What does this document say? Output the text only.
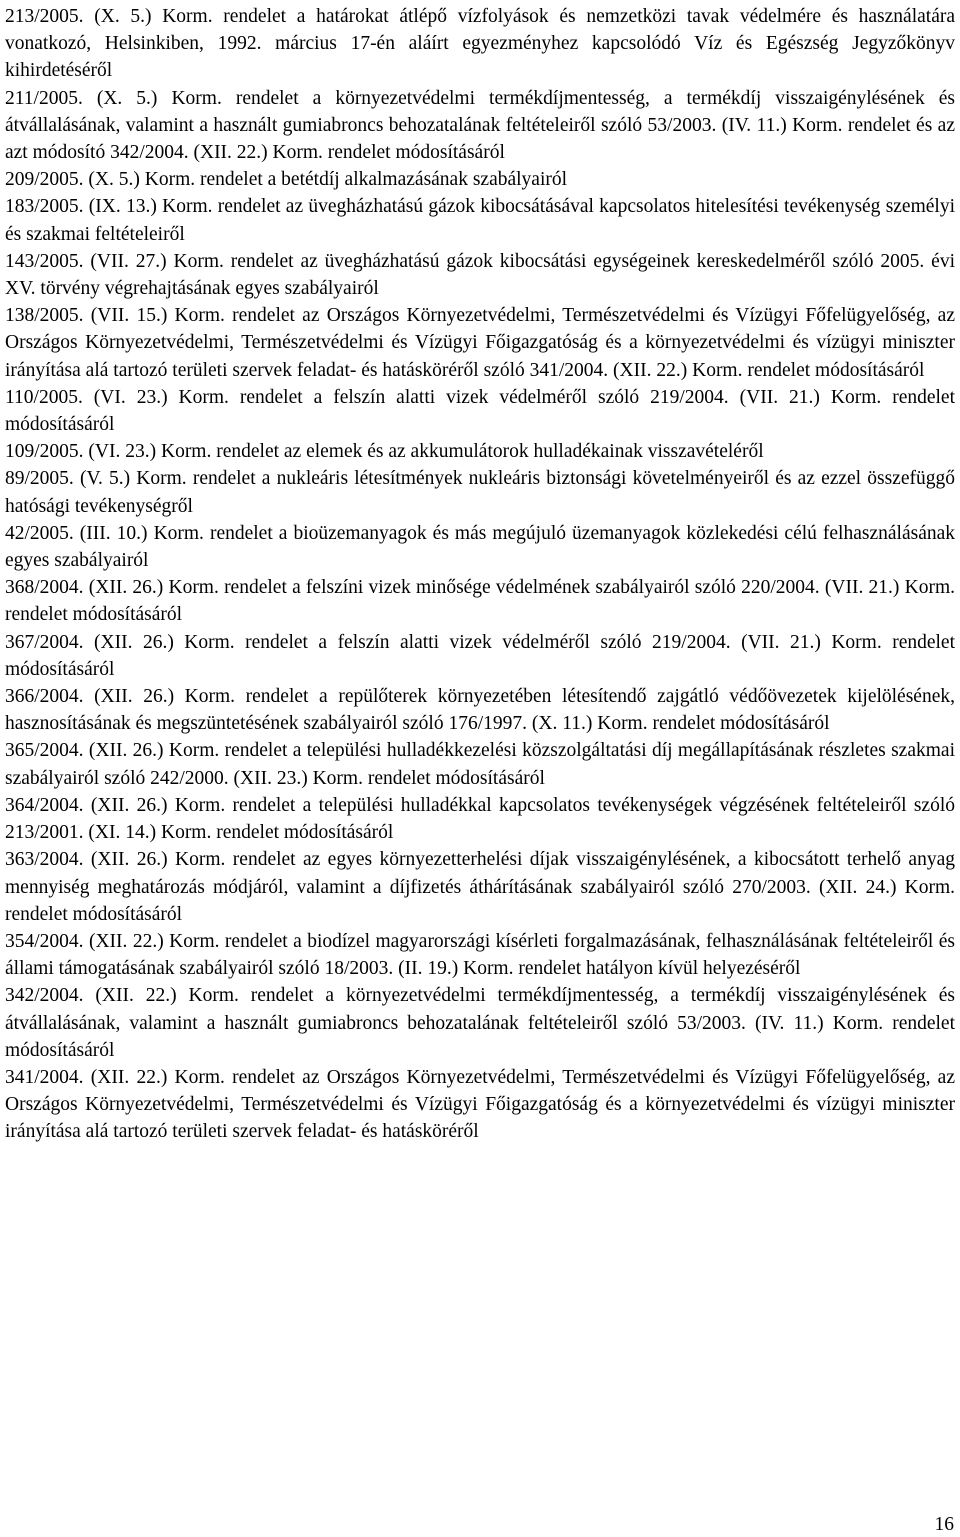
213/2005. (X. 5.) Korm. rendelet a határokat átlépő vízfolyások és nemzetközi tavak védelmére és használatára vonatkozó, Helsinkiben, 1992. március 17-én aláírt egyezményhez kapcsolódó Víz és Egészség Jegyzőkönyv kihirdetéséről

211/2005. (X. 5.) Korm. rendelet a környezetvédelmi termékdíjmentesség, a termékdíj visszaigénylésének és átvállalásának, valamint a használt gumiabroncs behozatalának feltételeiről szóló 53/2003. (IV. 11.) Korm. rendelet és az azt módosító 342/2004. (XII. 22.) Korm. rendelet módosításáról

209/2005. (X. 5.) Korm. rendelet a betétdíj alkalmazásának szabályairól

183/2005. (IX. 13.) Korm. rendelet az üvegházhatású gázok kibocsátásával kapcsolatos hitelesítési tevékenység személyi és szakmai feltételeiről

143/2005. (VII. 27.) Korm. rendelet az üvegházhatású gázok kibocsátási egységeinek kereskedelméről szóló 2005. évi XV. törvény végrehajtásának egyes szabályairól

138/2005. (VII. 15.) Korm. rendelet az Országos Környezetvédelmi, Természetvédelmi és Vízügyi Főfelügyelőség, az Országos Környezetvédelmi, Természetvédelmi és Vízügyi Főigazgatóság és a környezetvédelmi és vízügyi miniszter irányítása alá tartozó területi szervek feladat- és hatásköréről szóló 341/2004. (XII. 22.) Korm. rendelet módosításáról

110/2005. (VI. 23.) Korm. rendelet a felszín alatti vizek védelméről szóló 219/2004. (VII. 21.) Korm. rendelet módosításáról

109/2005. (VI. 23.) Korm. rendelet az elemek és az akkumulátorok hulladékainak visszavételéről

89/2005. (V. 5.) Korm. rendelet a nukleáris létesítmények nukleáris biztonsági követelményeiről és az ezzel összefüggő hatósági tevékenységről

42/2005. (III. 10.) Korm. rendelet a bioüzemanyagok és más megújuló üzemanyagok közlekedési célú felhasználásának egyes szabályairól

368/2004. (XII. 26.) Korm. rendelet a felszíni vizek minősége védelmének szabályairól szóló 220/2004. (VII. 21.) Korm. rendelet módosításáról

367/2004. (XII. 26.) Korm. rendelet a felszín alatti vizek védelméről szóló 219/2004. (VII. 21.) Korm. rendelet módosításáról

366/2004. (XII. 26.) Korm. rendelet a repülőterek környezetében létesítendő zajgátló védőövezetek kijelölésének, hasznosításának és megszüntetésének szabályairól szóló 176/1997. (X. 11.) Korm. rendelet módosításáról

365/2004. (XII. 26.) Korm. rendelet a települési hulladékkezelési közszolgáltatási díj megállapításának részletes szakmai szabályairól szóló 242/2000. (XII. 23.) Korm. rendelet módosításáról

364/2004. (XII. 26.) Korm. rendelet a települési hulladékkal kapcsolatos tevékenységek végzésének feltételeiről szóló 213/2001. (XI. 14.) Korm. rendelet módosításáról

363/2004. (XII. 26.) Korm. rendelet az egyes környezetterhelési díjak visszaigénylésének, a kibocsátott terhelő anyag mennyiség meghatározás módjáról, valamint a díjfizetés áthárításának szabályairól szóló 270/2003. (XII. 24.) Korm. rendelet módosításáról

354/2004. (XII. 22.) Korm. rendelet a biodízel magyarországi kísérleti forgalmazásának, felhasználásának feltételeiről és állami támogatásának szabályairól szóló 18/2003. (II. 19.) Korm. rendelet hatályon kívül helyezéséről

342/2004. (XII. 22.) Korm. rendelet a környezetvédelmi termékdíjmentesség, a termékdíj visszaigénylésének és átvállalásának, valamint a használt gumiabroncs behozatalának feltételeiről szóló 53/2003. (IV. 11.) Korm. rendelet módosításáról

341/2004. (XII. 22.) Korm. rendelet az Országos Környezetvédelmi, Természetvédelmi és Vízügyi Főfelügyelőség, az Országos Környezetvédelmi, Természetvédelmi és Vízügyi Főigazgatóság és a környezetvédelmi és vízügyi miniszter irányítása alá tartozó területi szervek feladat- és hatásköréről

16
